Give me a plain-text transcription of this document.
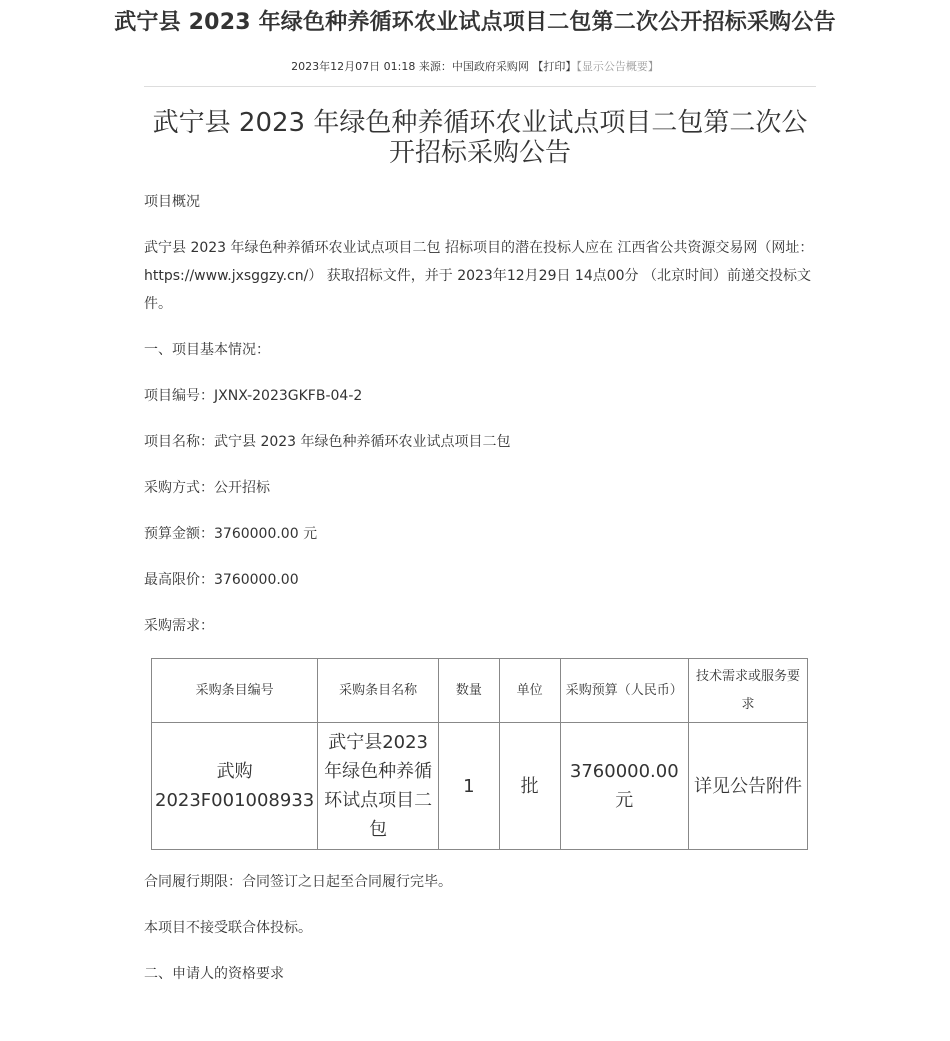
武宁县 2023 年绿色种养循环农业试点项目二包第二次公开招标采购公告
2023年12月07日 01:18 来源：中国政府采购网 【打印】【显示公告概要】
武宁县 2023 年绿色种养循环农业试点项目二包第二次公开招标采购公告

项目概况

武宁县 2023 年绿色种养循环农业试点项目二包 招标项目的潜在投标人应在 江西省公共资源交易网（网址：https://www.jxsggzy.cn/） 获取招标文件，并于 2023年12月29日 14点00分 （北京时间）前递交投标文件。

一、项目基本情况：

项目编号：JXNX-2023GKFB-04-2

项目名称：武宁县 2023 年绿色种养循环农业试点项目二包

采购方式：公开招标

预算金额：3760000.00 元

最高限价：3760000.00

采购需求：

采购条目编号	采购条目名称	数量	单位	采购预算（人民币）	技术需求或服务要求
武购2023F001008933	武宁县2023年绿色种养循环试点项目二包	1	批	3760000.00元	详见公告附件

合同履行期限：合同签订之日起至合同履行完毕。

本项目不接受联合体投标。

二、申请人的资格要求
